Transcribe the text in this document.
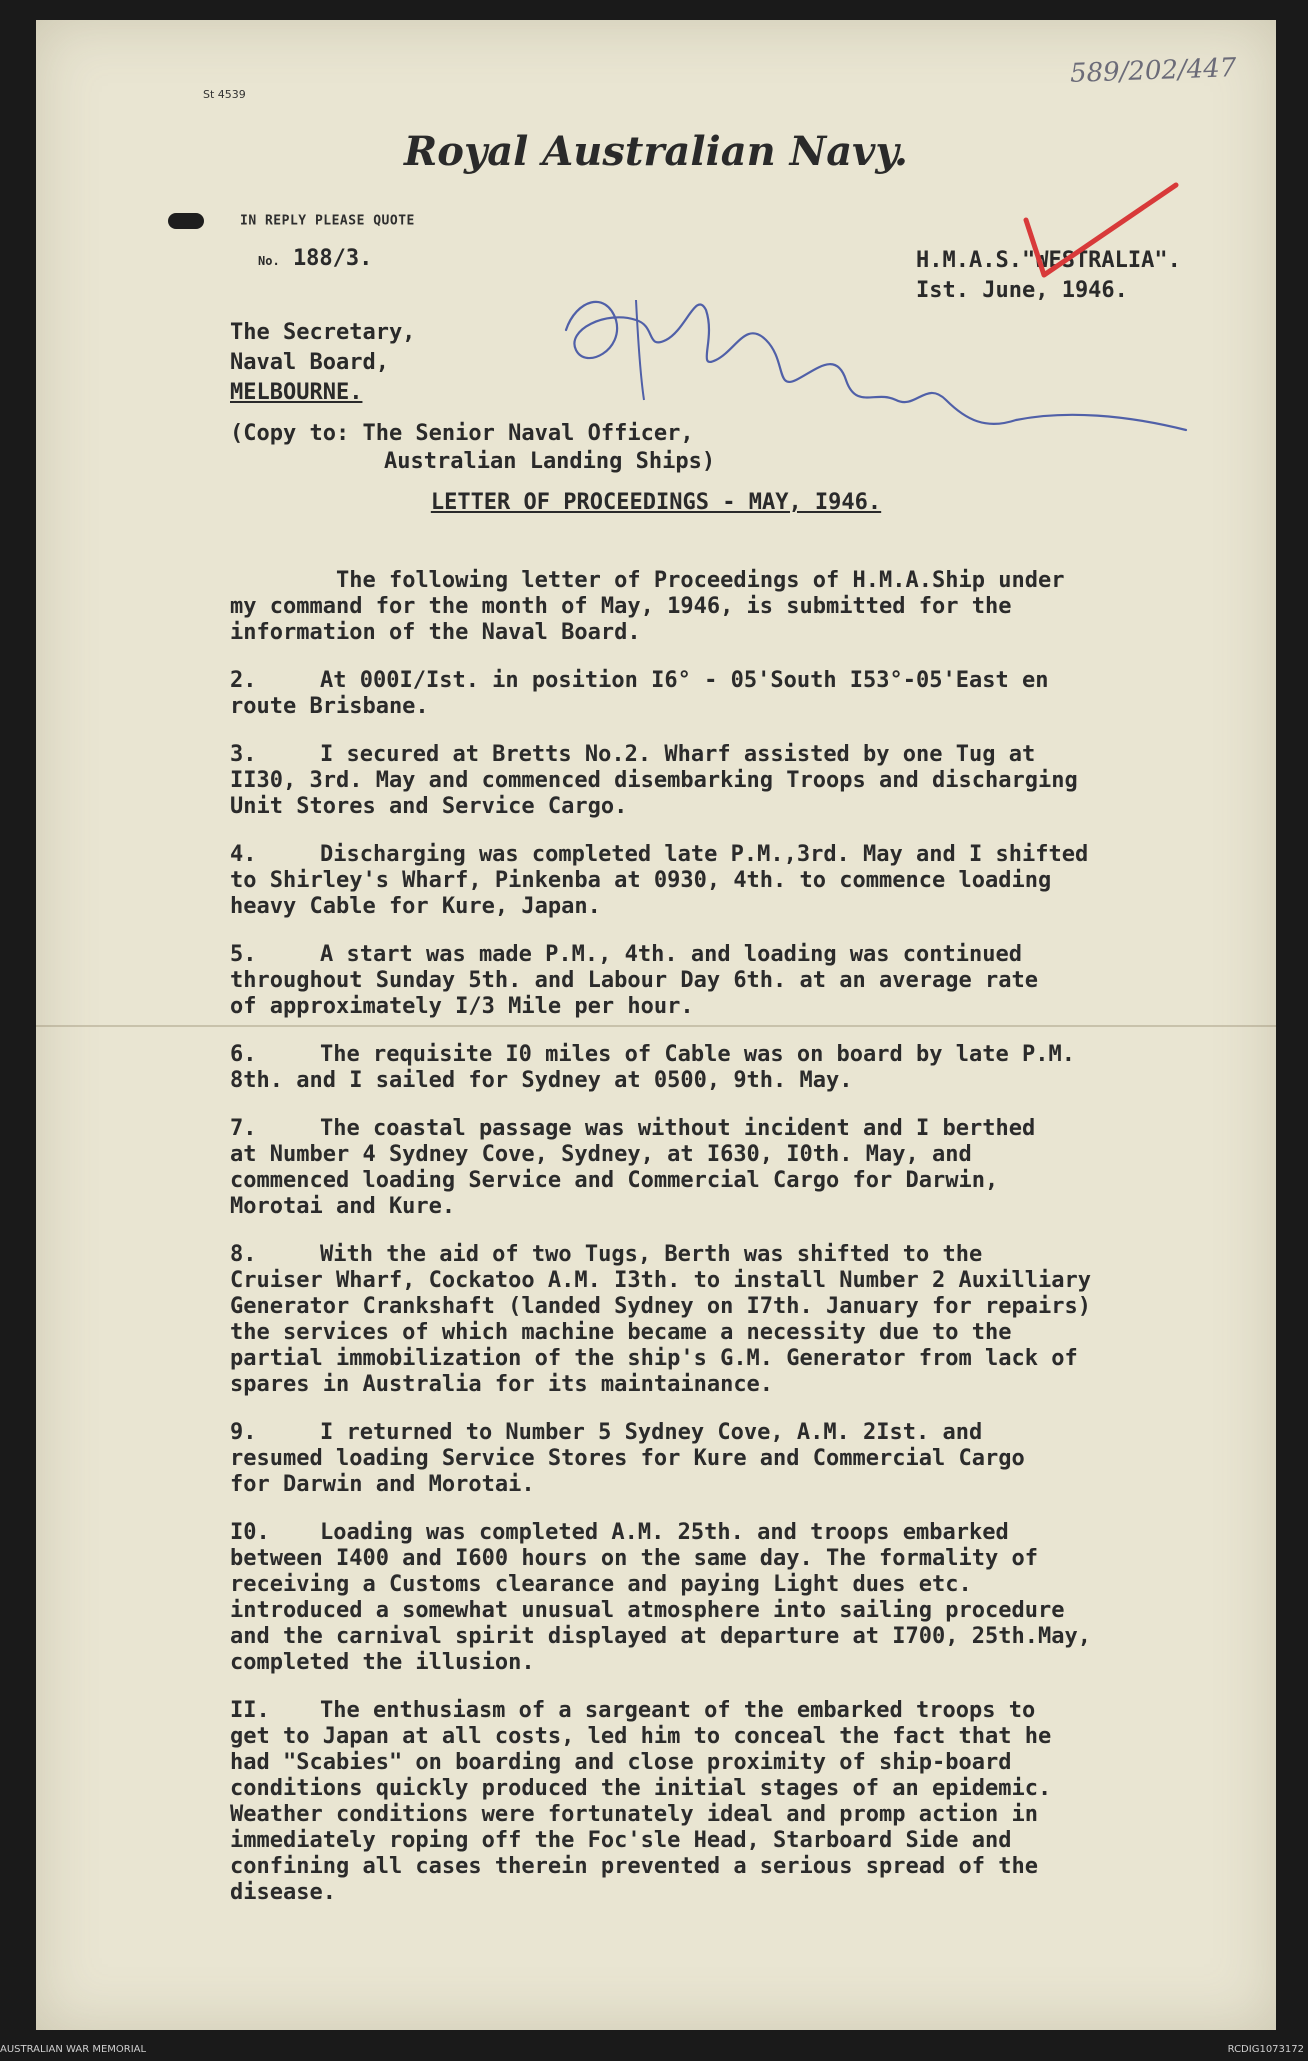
St 4539
589/202/447
Royal Australian Navy.
IN REPLY PLEASE QUOTE
No. 188/3.	H.M.A.S."WESTRALIA".
Ist. June, 1946.
The Secretary,
Naval Board,
MELBOURNE.
(Copy to: The Senior Naval Officer,
Australian Landing Ships)
LETTER OF PROCEEDINGS - MAY, I946.
The following letter of Proceedings of H.M.A.Ship under
my command for the month of May, 1946, is submitted for the
information of the Naval Board.
2.	At 000I/Ist. in position I6° - 05'South I53°-05'East en
route Brisbane.
3.	I secured at Bretts No.2. Wharf assisted by one Tug at
II30, 3rd. May and commenced disembarking Troops and discharging
Unit Stores and Service Cargo.
4.	Discharging was completed late P.M.,3rd. May and I shifted
to Shirley's Wharf, Pinkenba at 0930, 4th. to commence loading
heavy Cable for Kure, Japan.
5.	A start was made P.M., 4th. and loading was continued
throughout Sunday 5th. and Labour Day 6th. at an average rate
of approximately I/3 Mile per hour.
6.	The requisite I0 miles of Cable was on board by late P.M.
8th. and I sailed for Sydney at 0500, 9th. May.
7.	The coastal passage was without incident and I berthed
at Number 4 Sydney Cove, Sydney, at I630, I0th. May, and
commenced loading Service and Commercial Cargo for Darwin,
Morotai and Kure.
8.	With the aid of two Tugs, Berth was shifted to the
Cruiser Wharf, Cockatoo A.M. I3th. to install Number 2 Auxilliary
Generator Crankshaft (landed Sydney on I7th. January for repairs)
the services of which machine became a necessity due to the
partial immobilization of the ship's G.M. Generator from lack of
spares in Australia for its maintainance.
9.	I returned to Number 5 Sydney Cove, A.M. 2Ist. and
resumed loading Service Stores for Kure and Commercial Cargo
for Darwin and Morotai.
I0. Loading was completed A.M. 25th. and troops embarked
between I400 and I600 hours on the same day. The formality of
receiving a Customs clearance and paying Light dues etc.
introduced a somewhat unusual atmosphere into sailing procedure
and the carnival spirit displayed at departure at I700, 25th.May,
completed the illusion.
II. The enthusiasm of a sargeant of the embarked troops to
get to Japan at all costs, led him to conceal the fact that he
had "Scabies" on boarding and close proximity of ship-board
conditions quickly produced the initial stages of an epidemic.
Weather conditions were fortunately ideal and promp action in
immediately roping off the Foc'sle Head, Starboard Side and
confining all cases therein prevented a serious spread of the
disease.
AUSTRALIAN WAR MEMORIAL	RCDIG1073172
